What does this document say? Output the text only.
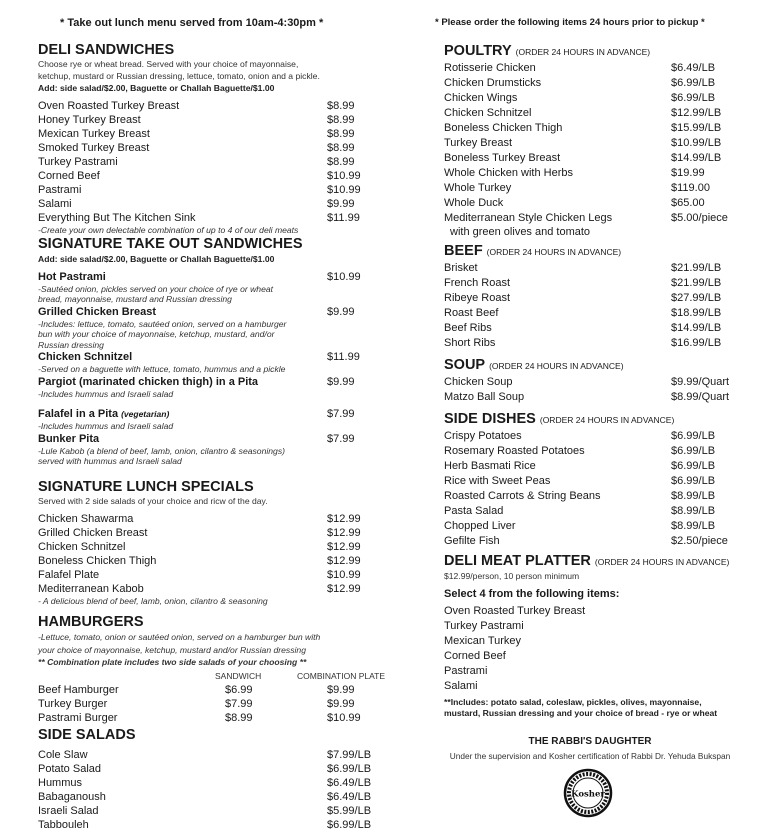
* Take out lunch menu served from 10am-4:30pm *	* Please order the following items 24 hours prior to pickup *
DELI SANDWICHES
Choose rye or wheat bread. Served with your choice of mayonnaise,
ketchup, mustard or Russian dressing, lettuce, tomato, onion and a pickle.
Add: side salad/$2.00, Baguette or Challah Baguette/$1.00
Oven Roasted Turkey Breast	$8.99
Honey Turkey Breast	$8.99
Mexican Turkey Breast	$8.99
Smoked Turkey Breast	$8.99
Turkey Pastrami	$8.99
Corned Beef	$10.99
Pastrami	$10.99
Salami	$9.99
Everything But The Kitchen Sink	$11.99
-Create your own delectable combination of up to 4 of our deli meats
SIGNATURE TAKE OUT SANDWICHES
Add: side salad/$2.00, Baguette or Challah Baguette/$1.00
Hot Pastrami	$10.99
-Sautéed onion, pickles served on your choice of rye or wheat
bread, mayonnaise, mustard and Russian dressing
Grilled Chicken Breast	$9.99
-Includes: lettuce, tomato, sautéed onion, served on a hamburger
bun with your choice of mayonnaise, ketchup, mustard, and/or
Russian dressing
Chicken Schnitzel	$11.99
-Served on a baguette with lettuce, tomato, hummus and a pickle
Pargiot (marinated chicken thigh) in a Pita	$9.99
-Includes hummus and Israeli salad
Falafel in a Pita (vegetarian)	$7.99
-Includes hummus and Israeli salad
Bunker Pita	$7.99
-Lule Kabob (a blend of beef, lamb, onion, cilantro & seasonings)
served with hummus and Israeli salad
SIGNATURE LUNCH SPECIALS
Served with 2 side salads of your choice and ricw of the day.
Chicken Shawarma	$12.99
Grilled Chicken Breast	$12.99
Chicken Schnitzel	$12.99
Boneless Chicken Thigh	$12.99
Falafel Plate	$10.99
Mediterranean Kabob	$12.99
- A delicious blend of beef, lamb, onion, cilantro & seasoning
HAMBURGERS
-Lettuce, tomato, onion or sautéed onion, served on a hamburger bun with
your choice of mayonnaise, ketchup, mustard and/or Russian dressing
** Combination plate includes two side salads of your choosing **
SANDWICH	COMBINATION PLATE
Beef Hamburger	$6.99	$9.99
Turkey Burger	$7.99	$9.99
Pastrami Burger	$8.99	$10.99
SIDE SALADS
Cole Slaw	$7.99/LB
Potato Salad	$6.99/LB
Hummus	$6.49/LB
Babaganoush	$6.49/LB
Israeli Salad	$5.99/LB
Tabbouleh	$6.99/LB
POULTRY (ORDER 24 HOURS IN ADVANCE)
Rotisserie Chicken	$6.49/LB
Chicken Drumsticks	$6.99/LB
Chicken Wings	$6.99/LB
Chicken Schnitzel	$12.99/LB
Boneless Chicken Thigh	$15.99/LB
Turkey Breast	$10.99/LB
Boneless Turkey Breast	$14.99/LB
Whole Chicken with Herbs	$19.99
Whole Turkey	$119.00
Whole Duck	$65.00
Mediterranean Style Chicken Legs	$5.00/piece
with green olives and tomato
BEEF (ORDER 24 HOURS IN ADVANCE)
Brisket	$21.99/LB
French Roast	$21.99/LB
Ribeye Roast	$27.99/LB
Roast Beef	$18.99/LB
Beef Ribs	$14.99/LB
Short Ribs	$16.99/LB
SOUP (ORDER 24 HOURS IN ADVANCE)
Chicken Soup	$9.99/Quart
Matzo Ball Soup	$8.99/Quart
SIDE DISHES (ORDER 24 HOURS IN ADVANCE)
Crispy Potatoes	$6.99/LB
Rosemary Roasted Potatoes	$6.99/LB
Herb Basmati Rice	$6.99/LB
Rice with Sweet Peas	$6.99/LB
Roasted Carrots & String Beans	$8.99/LB
Pasta Salad	$8.99/LB
Chopped Liver	$8.99/LB
Gefilte Fish	$2.50/piece
DELI MEAT PLATTER (ORDER 24 HOURS IN ADVANCE)
$12.99/person, 10 person minimum
Select 4 from the following items:
Oven Roasted Turkey Breast
Turkey Pastrami
Mexican Turkey
Corned Beef
Pastrami
Salami
**Includes: potato salad, coleslaw, pickles, olives, mayonnaise,
mustard, Russian dressing and your choice of bread - rye or wheat
THE RABBI'S DAUGHTER
Under the supervision and Kosher certification of Rabbi Dr. Yehuda Bukspan
Kosher
